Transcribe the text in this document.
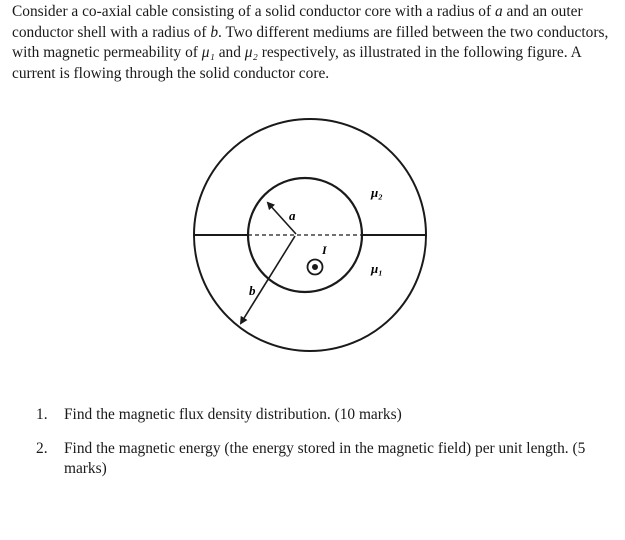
Consider a co-axial cable consisting of a solid conductor core with a radius of a and an outer conductor shell with a radius of b. Two different mediums are filled between the two conductors, with magnetic permeability of μ₁ and μ₂ respectively, as illustrated in the following figure. A current is flowing through the solid conductor core.

μ₂
μ₁
a
b
I
1. Find the magnetic flux density distribution. (10 marks)
2. Find the magnetic energy (the energy stored in the magnetic field) per unit length. (5 marks)
